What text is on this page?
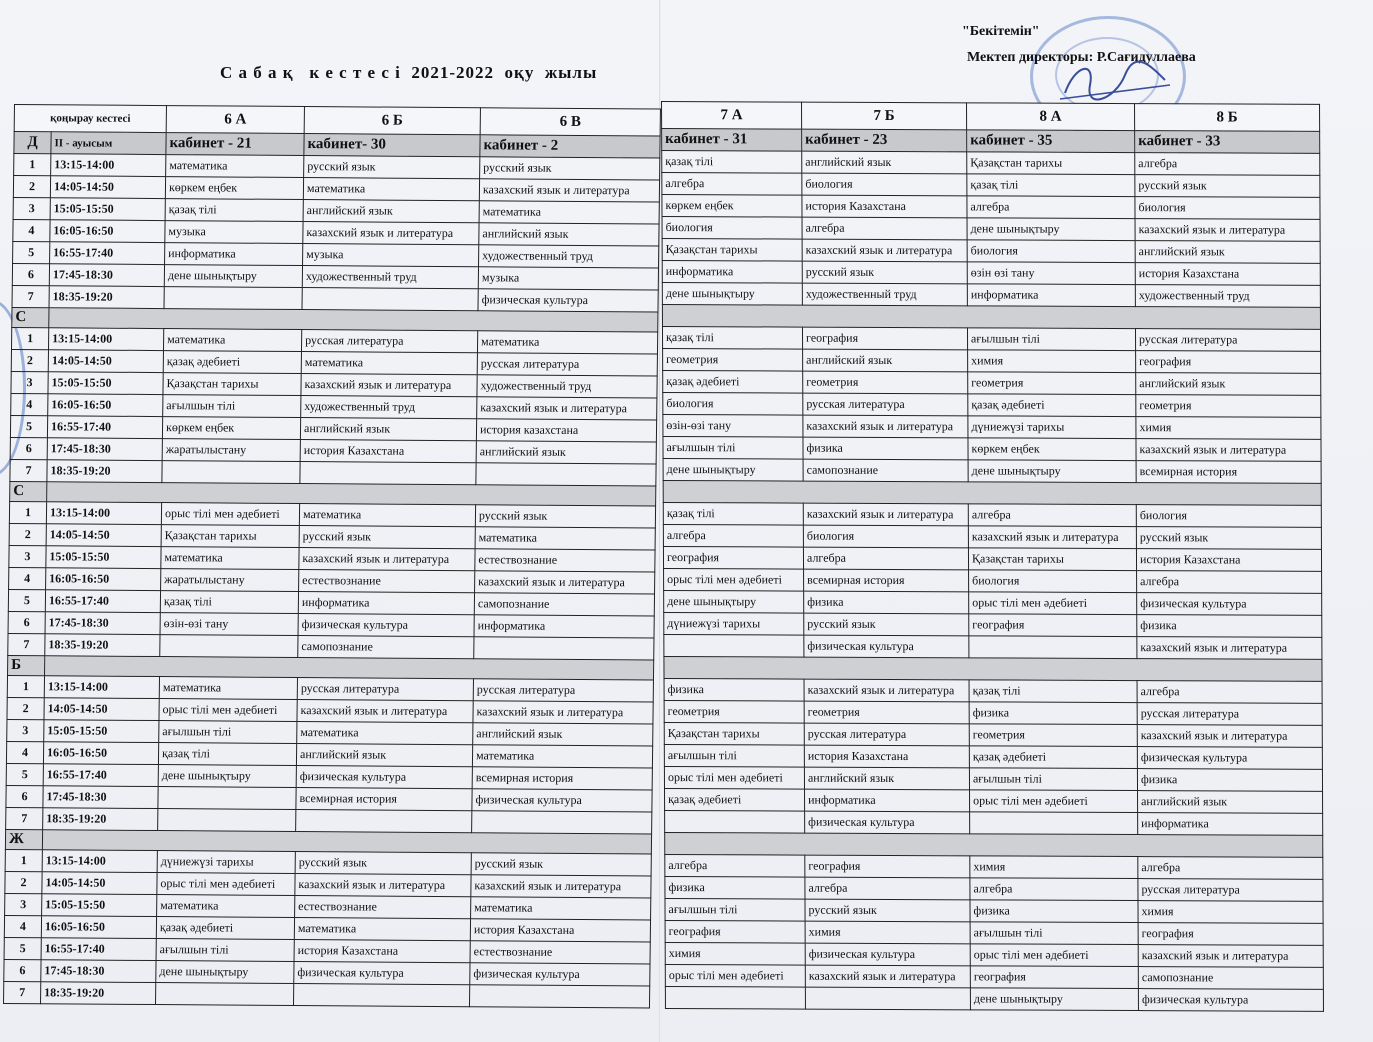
С а б а қ   к е с т е с і  2021-2022  оқу  жылы
"Бекітемін"
Мектеп директоры: Р.Сағидуллаева
қоңырау кестесі		6 А	6 Б	6 В
Д	II - ауысым	кабинет - 21	кабинет- 30	кабинет - 2
1	13:15-14:00	математика	русский язык	русский язык
2	14:05-14:50	көркем еңбек	математика	казахский язык и литература
3	15:05-15:50	қазақ тілі	английский язык	математика
4	16:05-16:50	музыка	казахский язык и литература	английский язык
5	16:55-17:40	информатика	музыка	художественный труд
6	17:45-18:30	дене шынықтыру	художественный труд	музыка
7	18:35-19:20			физическая культура
С				
1	13:15-14:00	математика	русская литература	математика
2	14:05-14:50	қазақ әдебиеті	математика	русская литература
3	15:05-15:50	Қазақстан тарихы	казахский язык и литература	художественный труд
4	16:05-16:50	ағылшын тілі	художественный труд	казахский язык и литература
5	16:55-17:40	көркем еңбек	английский язык	история казахстана
6	17:45-18:30	жаратылыстану	история Казахстана	английский язык
7	18:35-19:20			
С				
1	13:15-14:00	орыс тілі мен әдебиеті	математика	русский язык
2	14:05-14:50	Қазақстан тарихы	русский язык	математика
3	15:05-15:50	математика	казахский язык и литература	естествознание
4	16:05-16:50	жаратылыстану	естествознание	казахский язык и литература
5	16:55-17:40	қазақ тілі	информатика	самопознание
6	17:45-18:30	өзін-өзі тану	физическая культура	информатика
7	18:35-19:20		самопознание	
Б				
1	13:15-14:00	математика	русская литература	русская литература
2	14:05-14:50	орыс тілі мен әдебиеті	казахский язык и литература	казахский язык и литература
3	15:05-15:50	ағылшын тілі	математика	английский язык
4	16:05-16:50	қазақ тілі	английский язык	математика
5	16:55-17:40	дене шынықтыру	физическая культура	всемирная история
6	17:45-18:30		всемирная история	физическая культура
7	18:35-19:20			
Ж				
1	13:15-14:00	дүниежүзі тарихы	русский язык	русский язык
2	14:05-14:50	орыс тілі мен әдебиеті	казахский язык и литература	казахский язык и литература
3	15:05-15:50	математика	естествознание	математика
4	16:05-16:50	қазақ әдебиеті	математика	история Казахстана
5	16:55-17:40	ағылшын тілі	история Казахстана	естествознание
6	17:45-18:30	дене шынықтыру	физическая культура	физическая культура
7	18:35-19:20			
7 А	7 Б	8 А	8 Б
кабинет - 31	кабинет - 23	кабинет - 35	кабинет - 33
қазақ тілі	английский язык	Қазақстан тарихы	алгебра
алгебра	биология	қазақ тілі	русский язык
көркем еңбек	история Казахстана	алгебра	биология
биология	алгебра	дене шынықтыру	казахский язык и литература
Қазақстан тарихы	казахский язык и литература	биология	английский язык
информатика	русский язык	өзін өзі тану	история Казахстана
дене шынықтыру	художественный труд	информатика	художественный труд

қазақ тілі	география	ағылшын тілі	русская литература
геометрия	английский язык	химия	география
қазақ әдебиеті	геометрия	геометрия	английский язык
биология	русская литература	қазақ әдебиеті	геометрия
өзін-өзі тану	казахский язык и литература	дүниежүзі тарихы	химия
ағылшын тілі	физика	көркем еңбек	казахский язык и литература
дене шынықтыру	самопознание	дене шынықтыру	всемирная история

қазақ тілі	казахский язык и литература	алгебра	биология
алгебра	биология	казахский язык и литература	русский язык
география	алгебра	Қазақстан тарихы	история Казахстана
орыс тілі мен әдебиеті	всемирная история	биология	алгебра
дене шынықтыру	физика	орыс тілі мен әдебиеті	физическая культура
дүниежүзі тарихы	русский язык	география	физика
	физическая культура		казахский язык и литература

физика	казахский язык и литература	қазақ тілі	алгебра
геометрия	геометрия	физика	русская литература
Қазақстан тарихы	русская литература	геометрия	казахский язык и литература
ағылшын тілі	история Казахстана	қазақ әдебиеті	физическая культура
орыс тілі мен әдебиеті	английский язык	ағылшын тілі	физика
қазақ әдебиеті	информатика	орыс тілі мен әдебиеті	английский язык
	физическая культура		информатика

алгебра	география	химия	алгебра
физика	алгебра	алгебра	русская литература
ағылшын тілі	русский язык	физика	химия
география	химия	ағылшын тілі	география
химия	физическая культура	орыс тілі мен әдебиеті	казахский язык и литература
орыс тілі мен әдебиеті	казахский язык и литература	география	самопознание
		дене шынықтыру	физическая культура
